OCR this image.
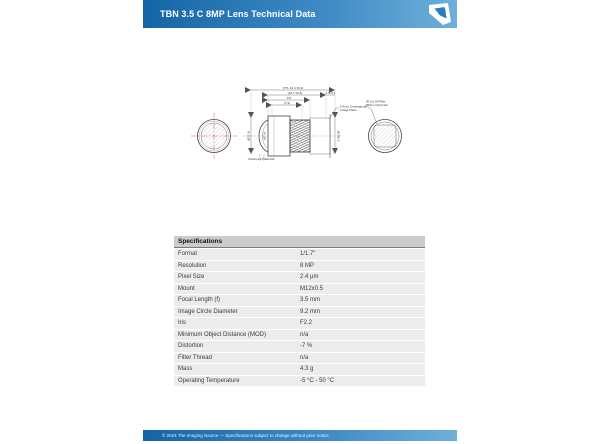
TBN 3.5 C 8MP Lens Technical Data
(TTL 16.4 ±0.2)
(16.7 ±0.2)	2.5 -0.1
9.8
(7.9)
(Ø11.4)	(Ø7.4)	M12x0.5
5.4mm Overlapping
Image Plane
Reference Point: 1.6
IR-Cut Off Filter
650nm (Optional)
Specifications
Format	1/1.7"
Resolution	8 MP
Pixel Size	2.4 µm
Mount	M12x0.5
Focal Length (f)	3.5 mm
Image Circle Diameter	9.2 mm
Iris	F2.2
Minimum Object Distance (MOD)	n/a
Distortion	-7 %
Filter Thread	n/a
Mass	4.3 g
Operating Temperature	-5 °C - 50 °C
© 2024 The Imaging Source — Specifications subject to change without prior notice
